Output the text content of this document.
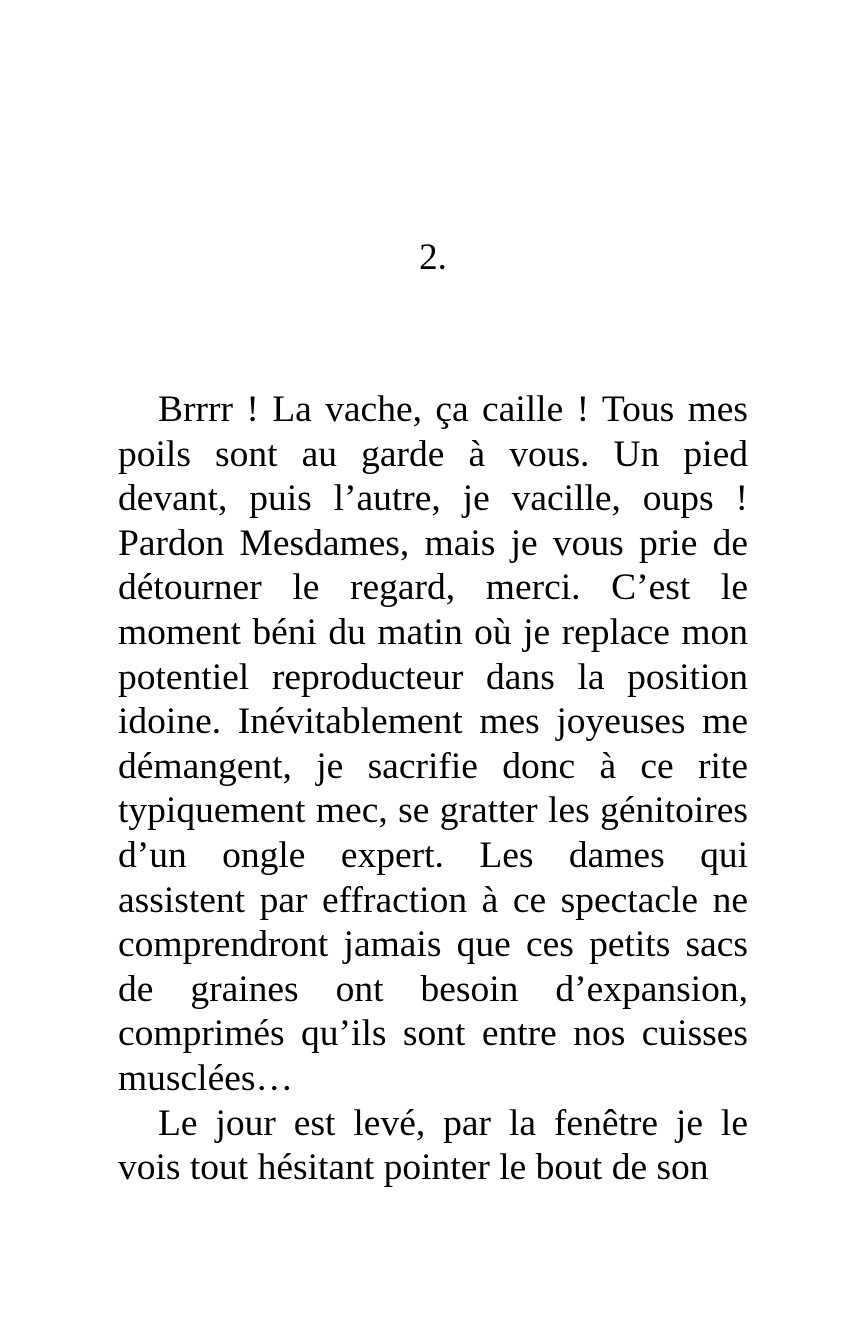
2.

Brrrr ! La vache, ça caille ! Tous mes poils sont au garde à vous. Un pied devant, puis l’autre, je vacille, oups ! Pardon Mesdames, mais je vous prie de détourner le regard, merci. C’est le moment béni du matin où je replace mon potentiel reproducteur dans la position idoine. Inévitablement mes joyeuses me démangent, je sacrifie donc à ce rite typiquement mec, se gratter les génitoires d’un ongle expert. Les dames qui assistent par effraction à ce spectacle ne comprendront jamais que ces petits sacs de graines ont besoin d’expansion, comprimés qu’ils sont entre nos cuisses musclées…

Le jour est levé, par la fenêtre je le vois tout hésitant pointer le bout de son
